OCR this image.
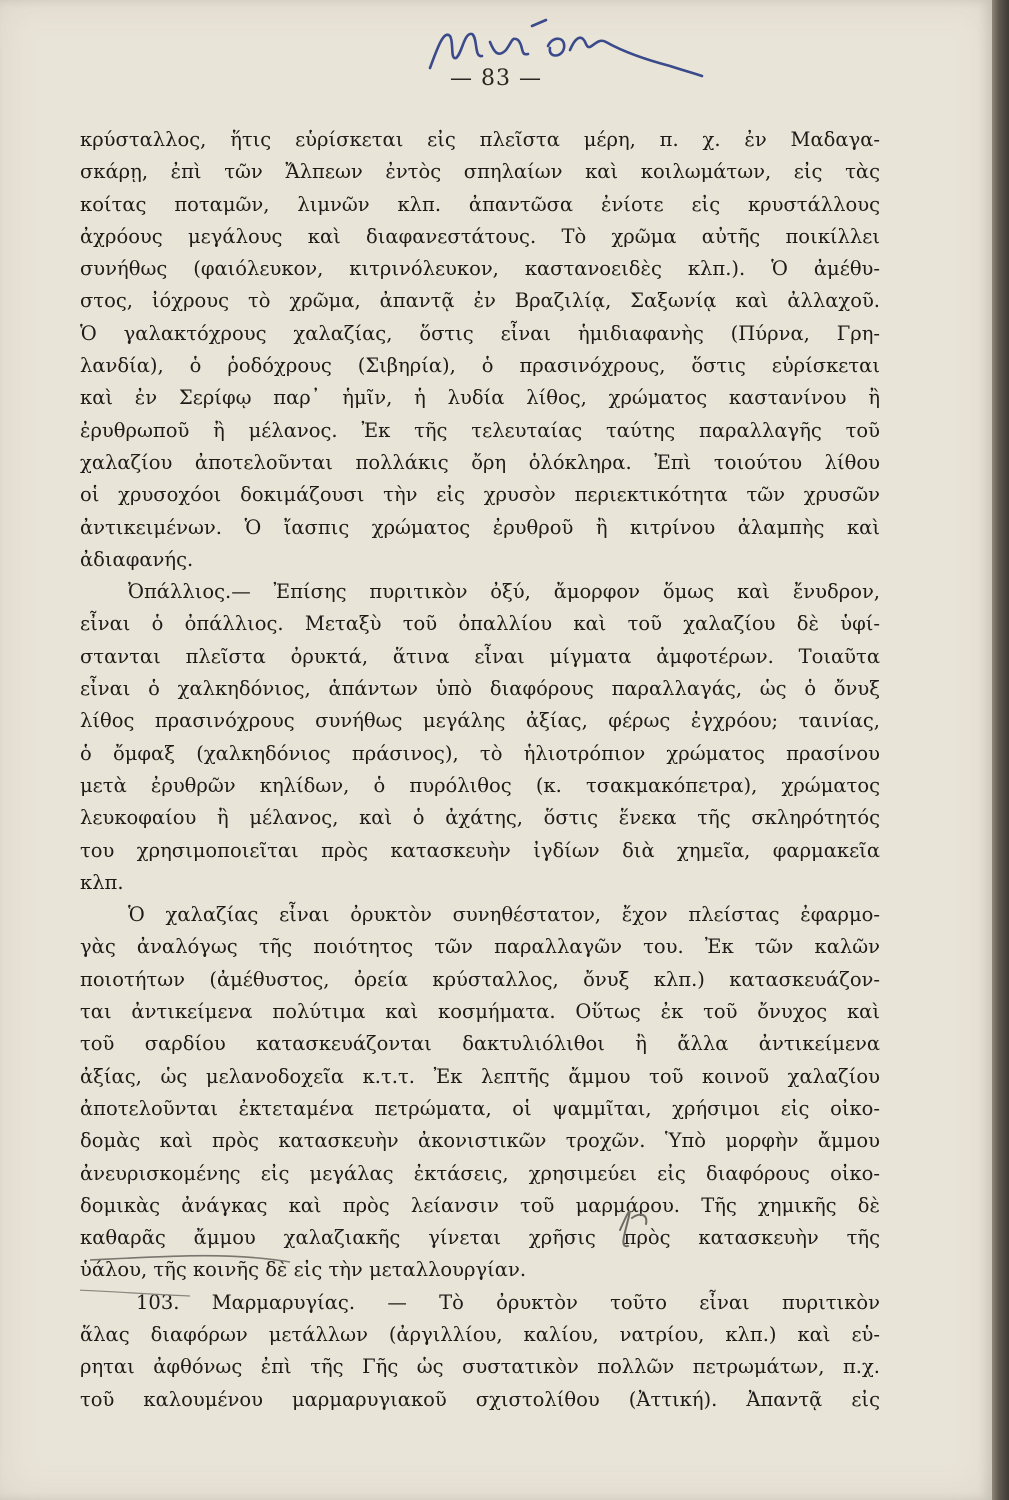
— 83 —
κρύσταλλος, ἥτις εὑρίσκεται εἰς πλεῖστα μέρη, π. χ. ἐν Μαδαγα-
σκάρῃ, ἐπὶ τῶν Ἄλπεων ἐντὸς σπηλαίων καὶ κοιλωμάτων, εἰς τὰς
κοίτας ποταμῶν, λιμνῶν κλπ. ἀπαντῶσα ἐνίοτε εἰς κρυστάλλους
ἀχρόους μεγάλους καὶ διαφανεστάτους. Τὸ χρῶμα αὐτῆς ποικίλλει
συνήθως (φαιόλευκον, κιτρινόλευκον, καστανοειδὲς κλπ.). Ὁ ἀμέθυ-
στος, ἰόχρους τὸ χρῶμα, ἀπαντᾷ ἐν Βραζιλίᾳ, Σαξωνίᾳ καὶ ἀλλαχοῦ.
Ὁ γαλακτόχρους χαλαζίας, ὅστις εἶναι ἡμιδιαφανὴς (Πύρνα, Γρη-
λανδία), ὁ ῥοδόχρους (Σιβηρία), ὁ πρασινόχρους, ὅστις εὑρίσκεται
καὶ ἐν Σερίφῳ παρ᾿ ἡμῖν, ἡ λυδία λίθος, χρώματος καστανίνου ἢ
ἐρυθρωποῦ ἢ μέλανος. Ἐκ τῆς τελευταίας ταύτης παραλλαγῆς τοῦ
χαλαζίου ἀποτελοῦνται πολλάκις ὄρη ὁλόκληρα. Ἐπὶ τοιούτου λίθου
οἱ χρυσοχόοι δοκιμάζουσι τὴν εἰς χρυσὸν περιεκτικότητα τῶν χρυσῶν
ἀντικειμένων. Ὁ ἴασπις χρώματος ἐρυθροῦ ἢ κιτρίνου ἀλαμπὴς καὶ
ἀδιαφανής.
Ὀπάλλιος.— Ἐπίσης πυριτικὸν ὀξύ, ἄμορφον ὅμως καὶ ἔνυδρον,
εἶναι ὁ ὀπάλλιος. Μεταξὺ τοῦ ὀπαλλίου καὶ τοῦ χαλαζίου δὲ ὑφί-
στανται πλεῖστα ὀρυκτά, ἅτινα εἶναι μίγματα ἀμφοτέρων. Τοιαῦτα
εἶναι ὁ χαλκηδόνιος, ἁπάντων ὑπὸ διαφόρους παραλλαγάς, ὡς ὁ ὄνυξ
λίθος πρασινόχρους συνήθως μεγάλης ἀξίας, φέρως ἐγχρόου; ταινίας,
ὁ ὄμφαξ (χαλκηδόνιος πράσινος), τὸ ἡλιοτρόπιον χρώματος πρασίνου
μετὰ ἐρυθρῶν κηλίδων, ὁ πυρόλιθος (κ. τσακμακόπετρα), χρώματος
λευκοφαίου ἢ μέλανος, καὶ ὁ ἀχάτης, ὅστις ἕνεκα τῆς σκληρότητός
του χρησιμοποιεῖται πρὸς κατασκευὴν ἰγδίων διὰ χημεῖα, φαρμακεῖα
κλπ.
Ὁ χαλαζίας εἶναι ὀρυκτὸν συνηθέστατον, ἔχον πλείστας ἐφαρμο-
γὰς ἀναλόγως τῆς ποιότητος τῶν παραλλαγῶν του. Ἐκ τῶν καλῶν
ποιοτήτων (ἀμέθυστος, ὀρεία κρύσταλλος, ὄνυξ κλπ.) κατασκευάζον-
ται ἀντικείμενα πολύτιμα καὶ κοσμήματα. Οὕτως ἐκ τοῦ ὄνυχος καὶ
τοῦ σαρδίου κατασκευάζονται δακτυλιόλιθοι ἢ ἄλλα ἀντικείμενα
ἀξίας, ὡς μελανοδοχεῖα κ.τ.τ. Ἐκ λεπτῆς ἄμμου τοῦ κοινοῦ χαλαζίου
ἀποτελοῦνται ἐκτεταμένα πετρώματα, οἱ ψαμμῖται, χρήσιμοι εἰς οἰκο-
δομὰς καὶ πρὸς κατασκευὴν ἀκονιστικῶν τροχῶν. Ὑπὸ μορφὴν ἄμμου
ἀνευρισκομένης εἰς μεγάλας ἐκτάσεις, χρησιμεύει εἰς διαφόρους οἰκο-
δομικὰς ἀνάγκας καὶ πρὸς λείανσιν τοῦ μαρμάρου. Τῆς χημικῆς δὲ
καθαρᾶς ἄμμου χαλαζιακῆς γίνεται χρῆσις πρὸς κατασκευὴν τῆς
ὑάλου, τῆς κοινῆς δὲ εἰς τὴν μεταλλουργίαν.
103. Μαρμαρυγίας. — Τὸ ὀρυκτὸν τοῦτο εἶναι πυριτικὸν
ἅλας διαφόρων μετάλλων (ἀργιλλίου, καλίου, νατρίου, κλπ.) καὶ εὑ-
ρηται ἀφθόνως ἐπὶ τῆς Γῆς ὡς συστατικὸν πολλῶν πετρωμάτων, π.χ.
τοῦ καλουμένου μαρμαρυγιακοῦ σχιστολίθου (Ἀττική). Ἀπαντᾷ εἰς
